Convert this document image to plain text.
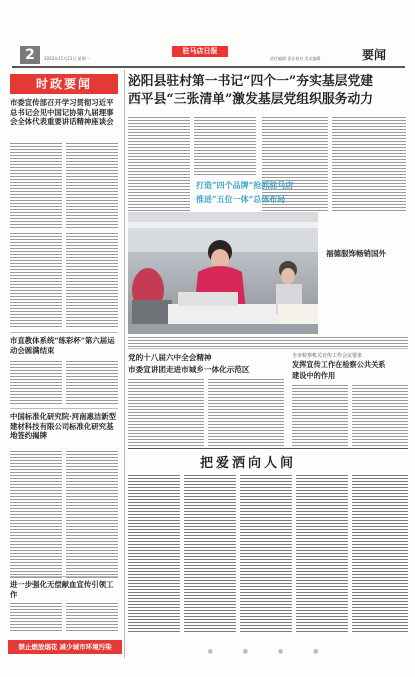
2	2022年11月21日 星期一
驻马店日报
责任编辑 责任校对 美术编辑	要闻
时政要闻
市委宣传部召开学习贯彻习近平总书记会见中国记协第九届理事会全体代表重要讲话精神座谈会
市直教体系统“练彩杯”第六届运动会圆满结束
中国标准化研究院·河南惠洁新型建材科技有限公司标准化研究基地签约揭牌
进一步强化无偿献血宣传引领工作
禁止燃放烟花 减少城市环境污染
泌阳县驻村第一书记“四个一”夯实基层党建
西平县“三张清单”激发基层党组织服务动力
打造“四个品牌”抢抓驻马店
推进“五位一体”总体布局
福德服饰畅销国外
党的十八届六中全会精神
市委宣讲团走进市城乡一体化示范区
全市检察机关宣传工作会议要求
发挥宣传工作在检察公共关系
建设中的作用
把爱洒向人间
● ● ● ●
